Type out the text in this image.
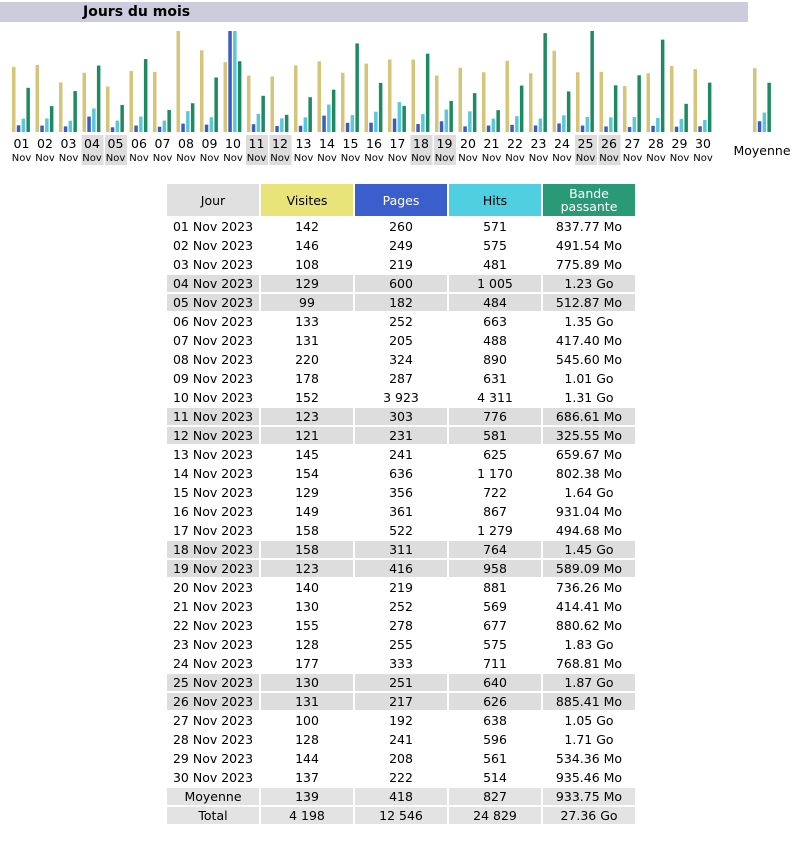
Jours du mois
01
Nov
02
Nov
03
Nov
04
Nov
05
Nov
06
Nov
07
Nov
08
Nov
09
Nov
10
Nov
11
Nov
12
Nov
13
Nov
14
Nov
15
Nov
16
Nov
17
Nov
18
Nov
19
Nov
20
Nov
21
Nov
22
Nov
23
Nov
24
Nov
25
Nov
26
Nov
27
Nov
28
Nov
29
Nov
30
Nov
Moyenne
Jour	Visites	Pages	Hits	Bande passante
01 Nov 2023	142	260	571	837.77 Mo
02 Nov 2023	146	249	575	491.54 Mo
03 Nov 2023	108	219	481	775.89 Mo
04 Nov 2023	129	600	1 005	1.23 Go
05 Nov 2023	99	182	484	512.87 Mo
06 Nov 2023	133	252	663	1.35 Go
07 Nov 2023	131	205	488	417.40 Mo
08 Nov 2023	220	324	890	545.60 Mo
09 Nov 2023	178	287	631	1.01 Go
10 Nov 2023	152	3 923	4 311	1.31 Go
11 Nov 2023	123	303	776	686.61 Mo
12 Nov 2023	121	231	581	325.55 Mo
13 Nov 2023	145	241	625	659.67 Mo
14 Nov 2023	154	636	1 170	802.38 Mo
15 Nov 2023	129	356	722	1.64 Go
16 Nov 2023	149	361	867	931.04 Mo
17 Nov 2023	158	522	1 279	494.68 Mo
18 Nov 2023	158	311	764	1.45 Go
19 Nov 2023	123	416	958	589.09 Mo
20 Nov 2023	140	219	881	736.26 Mo
21 Nov 2023	130	252	569	414.41 Mo
22 Nov 2023	155	278	677	880.62 Mo
23 Nov 2023	128	255	575	1.83 Go
24 Nov 2023	177	333	711	768.81 Mo
25 Nov 2023	130	251	640	1.87 Go
26 Nov 2023	131	217	626	885.41 Mo
27 Nov 2023	100	192	638	1.05 Go
28 Nov 2023	128	241	596	1.71 Go
29 Nov 2023	144	208	561	534.36 Mo
30 Nov 2023	137	222	514	935.46 Mo
Moyenne	139	418	827	933.75 Mo
Total	4 198	12 546	24 829	27.36 Go
